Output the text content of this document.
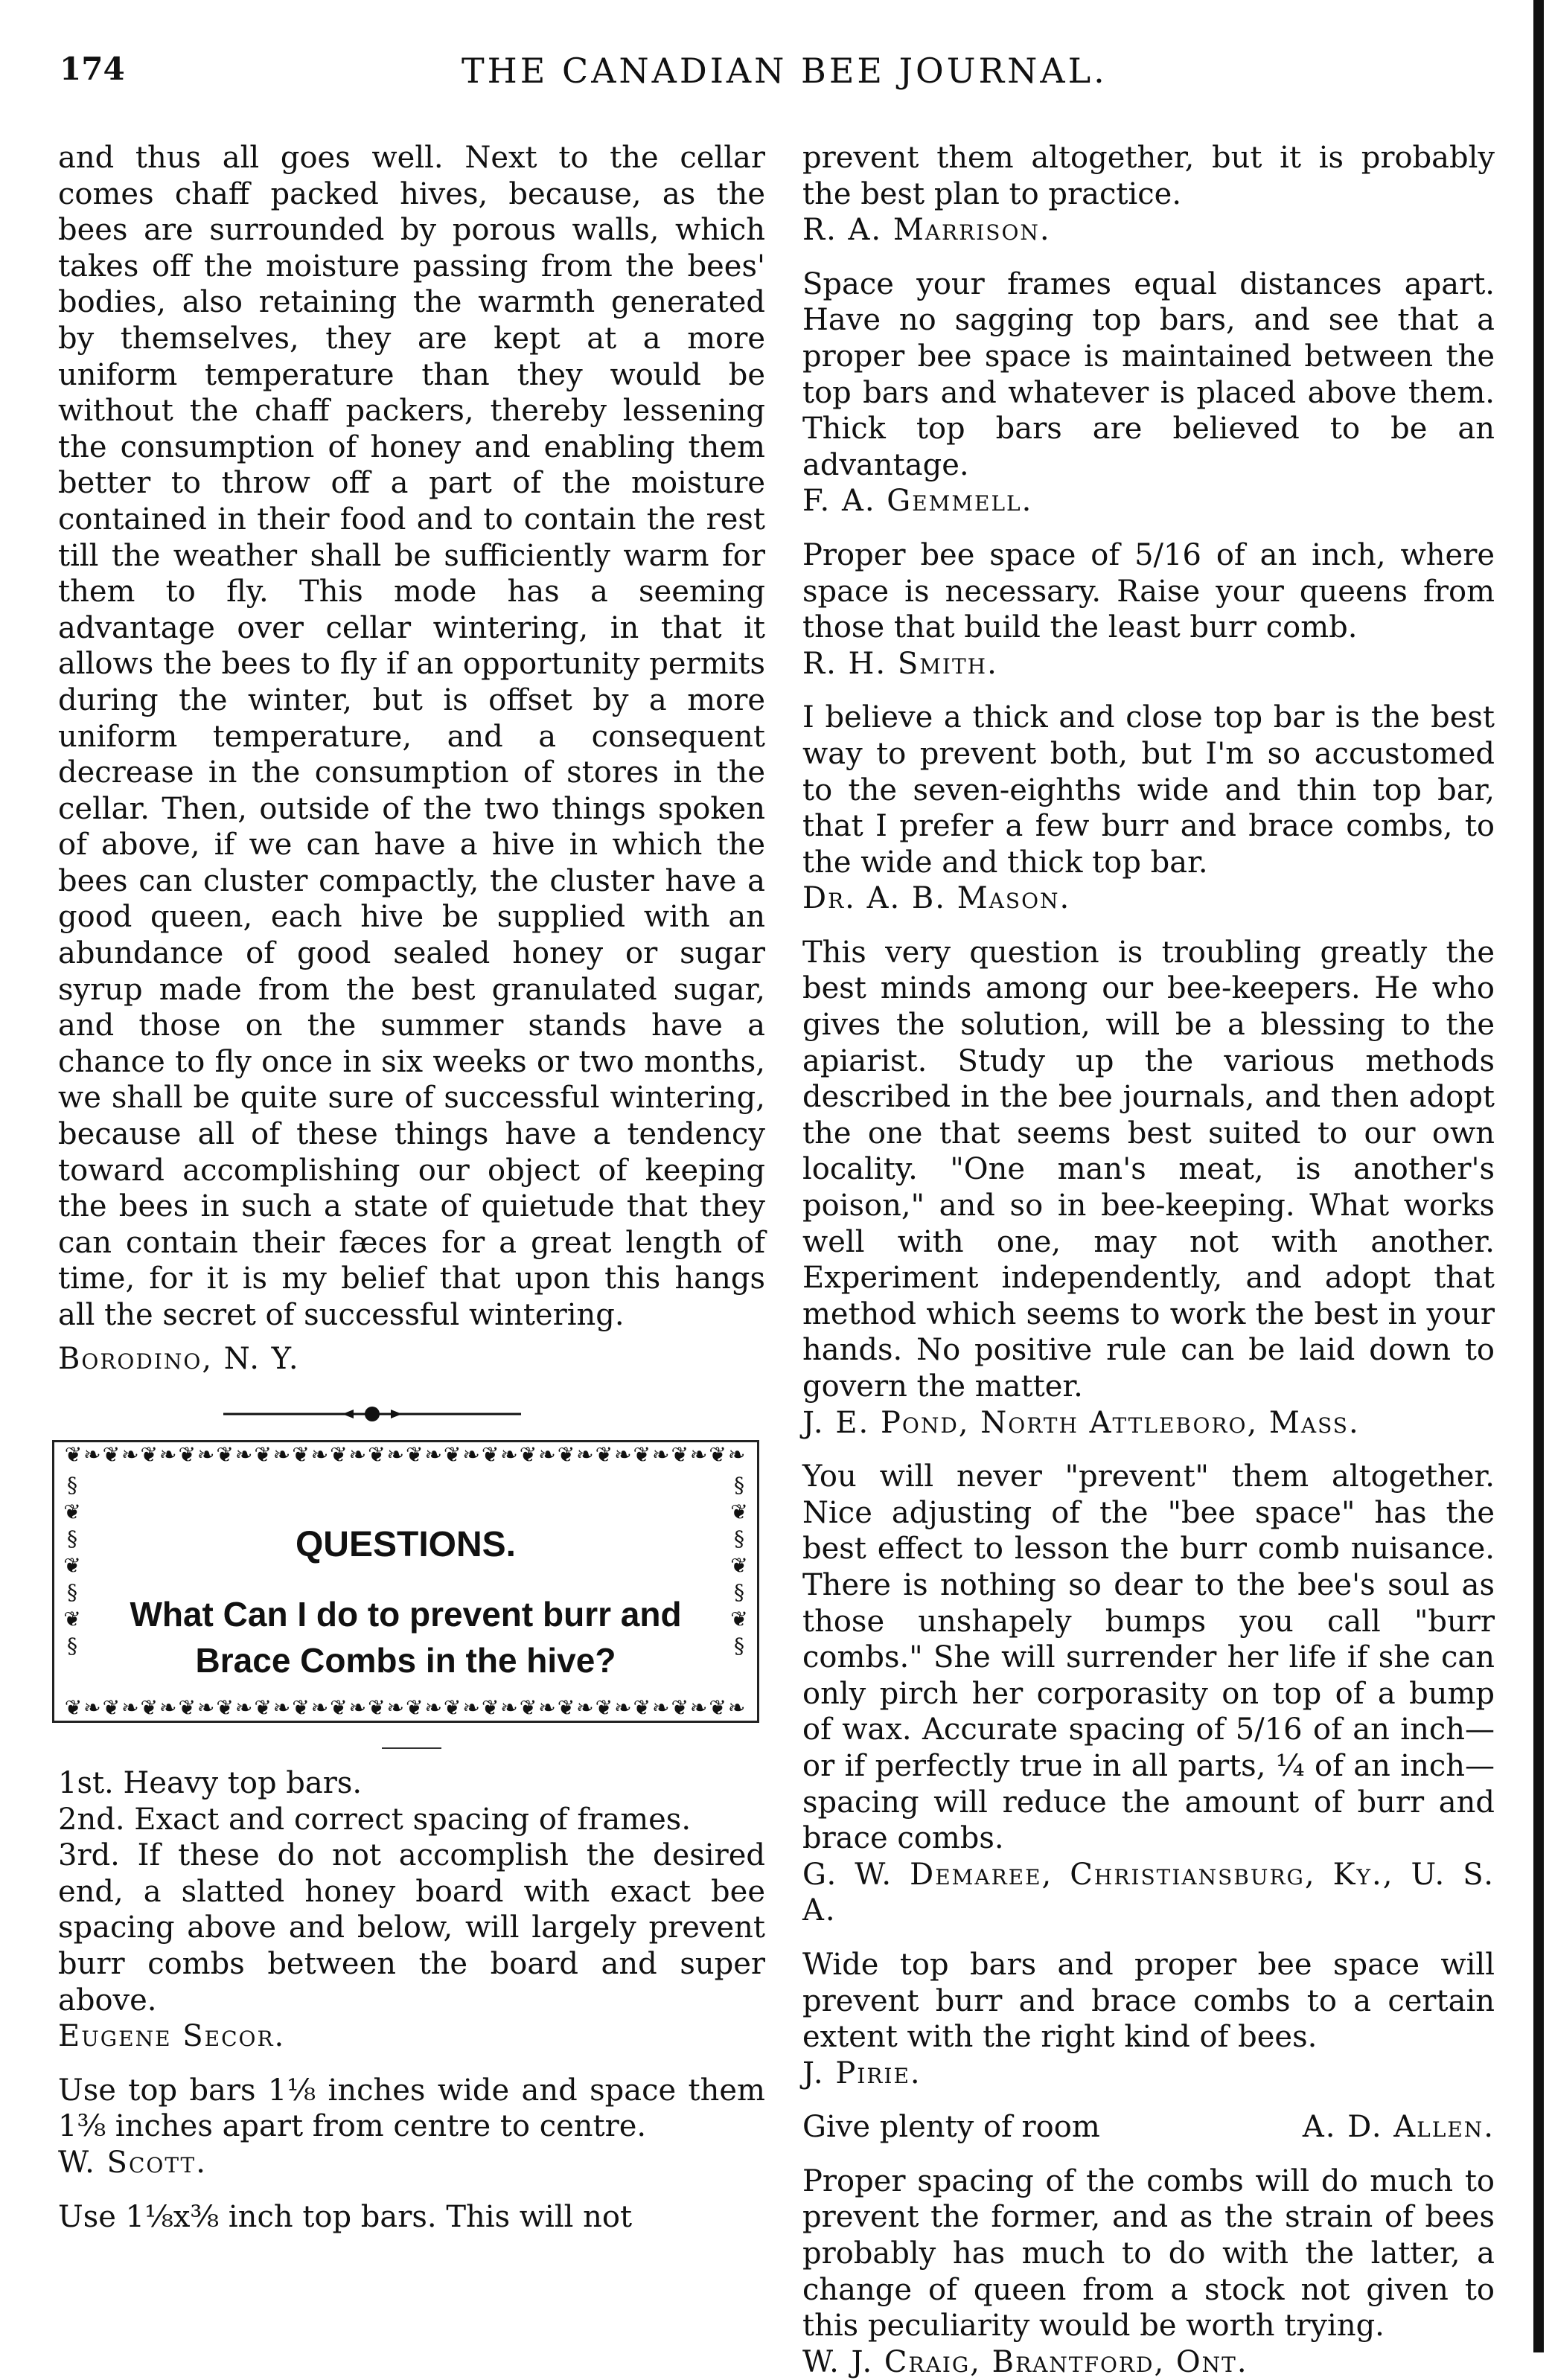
174	THE CANADIAN BEE JOURNAL.

and thus all goes well. Next to the cellar comes chaff packed hives, because, as the bees are surrounded by porous walls, which takes off the moisture passing from the bees' bodies, also retaining the warmth generated by themselves, they are kept at a more uniform temperature than they would be without the chaff packers, thereby lessening the consumption of honey and enabling them better to throw off a part of the moisture contained in their food and to contain the rest till the weather shall be sufficiently warm for them to fly. This mode has a seeming advantage over cellar wintering, in that it allows the bees to fly if an opportunity permits during the winter, but is offset by a more uniform temperature, and a consequent decrease in the consumption of stores in the cellar. Then, outside of the two things spoken of above, if we can have a hive in which the bees can cluster compactly, the cluster have a good queen, each hive be supplied with an abundance of good sealed honey or sugar syrup made from the best granulated sugar, and those on the summer stands have a chance to fly once in six weeks or two months, we shall be quite sure of successful wintering, because all of these things have a tendency toward accomplishing our object of keeping the bees in such a state of quietude that they can contain their fæces for a great length of time, for it is my belief that upon this hangs all the secret of successful wintering.

Borodino, N. Y.

❦❧❦❧❦❧❦❧❦❧❦❧❦❧❦❧❦❧❦❧❦❧❦❧❦❧❦❧❦❧❦❧❦❧❦❧
§
❦
§
❦
§
❦
§
§
❦
§
❦
§
❦
§
QUESTIONS.
What Can I do to prevent burr and Brace Combs in the hive?
❦❧❦❧❦❧❦❧❦❧❦❧❦❧❦❧❦❧❦❧❦❧❦❧❦❧❦❧❦❧❦❧❦❧❦❧

1st. Heavy top bars.
2nd. Exact and correct spacing of frames.
3rd. If these do not accomplish the desired end, a slatted honey board with exact bee spacing above and below, will largely prevent burr combs between the board and super above.

Eugene Secor.

Use top bars 1⅛ inches wide and space them 1⅜ inches apart from centre to centre.

W. Scott.

Use 1⅛x⅜ inch top bars. This will not

prevent them altogether, but it is probably the best plan to practice.

R. A. Marrison.

Space your frames equal distances apart. Have no sagging top bars, and see that a proper bee space is maintained between the top bars and whatever is placed above them. Thick top bars are believed to be an advantage.

F. A. Gemmell.

Proper bee space of 5/16 of an inch, where space is necessary. Raise your queens from those that build the least burr comb.

R. H. Smith.

I believe a thick and close top bar is the best way to prevent both, but I'm so accustomed to the seven-eighths wide and thin top bar, that I prefer a few burr and brace combs, to the wide and thick top bar.

Dr. A. B. Mason.

This very question is troubling greatly the best minds among our bee-keepers. He who gives the solution, will be a blessing to the apiarist. Study up the various methods described in the bee journals, and then adopt the one that seems best suited to our own locality. "One man's meat, is another's poison," and so in bee-keeping. What works well with one, may not with another. Experiment independently, and adopt that method which seems to work the best in your hands. No positive rule can be laid down to govern the matter.

J. E. Pond, North Attleboro, Mass.

You will never "prevent" them altogether. Nice adjusting of the "bee space" has the best effect to lesson the burr comb nuisance. There is nothing so dear to the bee's soul as those unshapely bumps you call "burr combs." She will surrender her life if she can only pirch her corporasity on top of a bump of wax. Accurate spacing of 5/16 of an inch—or if perfectly true in all parts, ¼ of an inch—spacing will reduce the amount of burr and brace combs.

G. W. Demaree, Christiansburg, Ky., U. S. A.

Wide top bars and proper bee space will prevent burr and brace combs to a certain extent with the right kind of bees.

J. Pirie.

Give plenty of room	A. D. Allen.

Proper spacing of the combs will do much to prevent the former, and as the strain of bees probably has much to do with the latter, a change of queen from a stock not given to this peculiarity would be worth trying.

W. J. Craig, Brantford, Ont.
